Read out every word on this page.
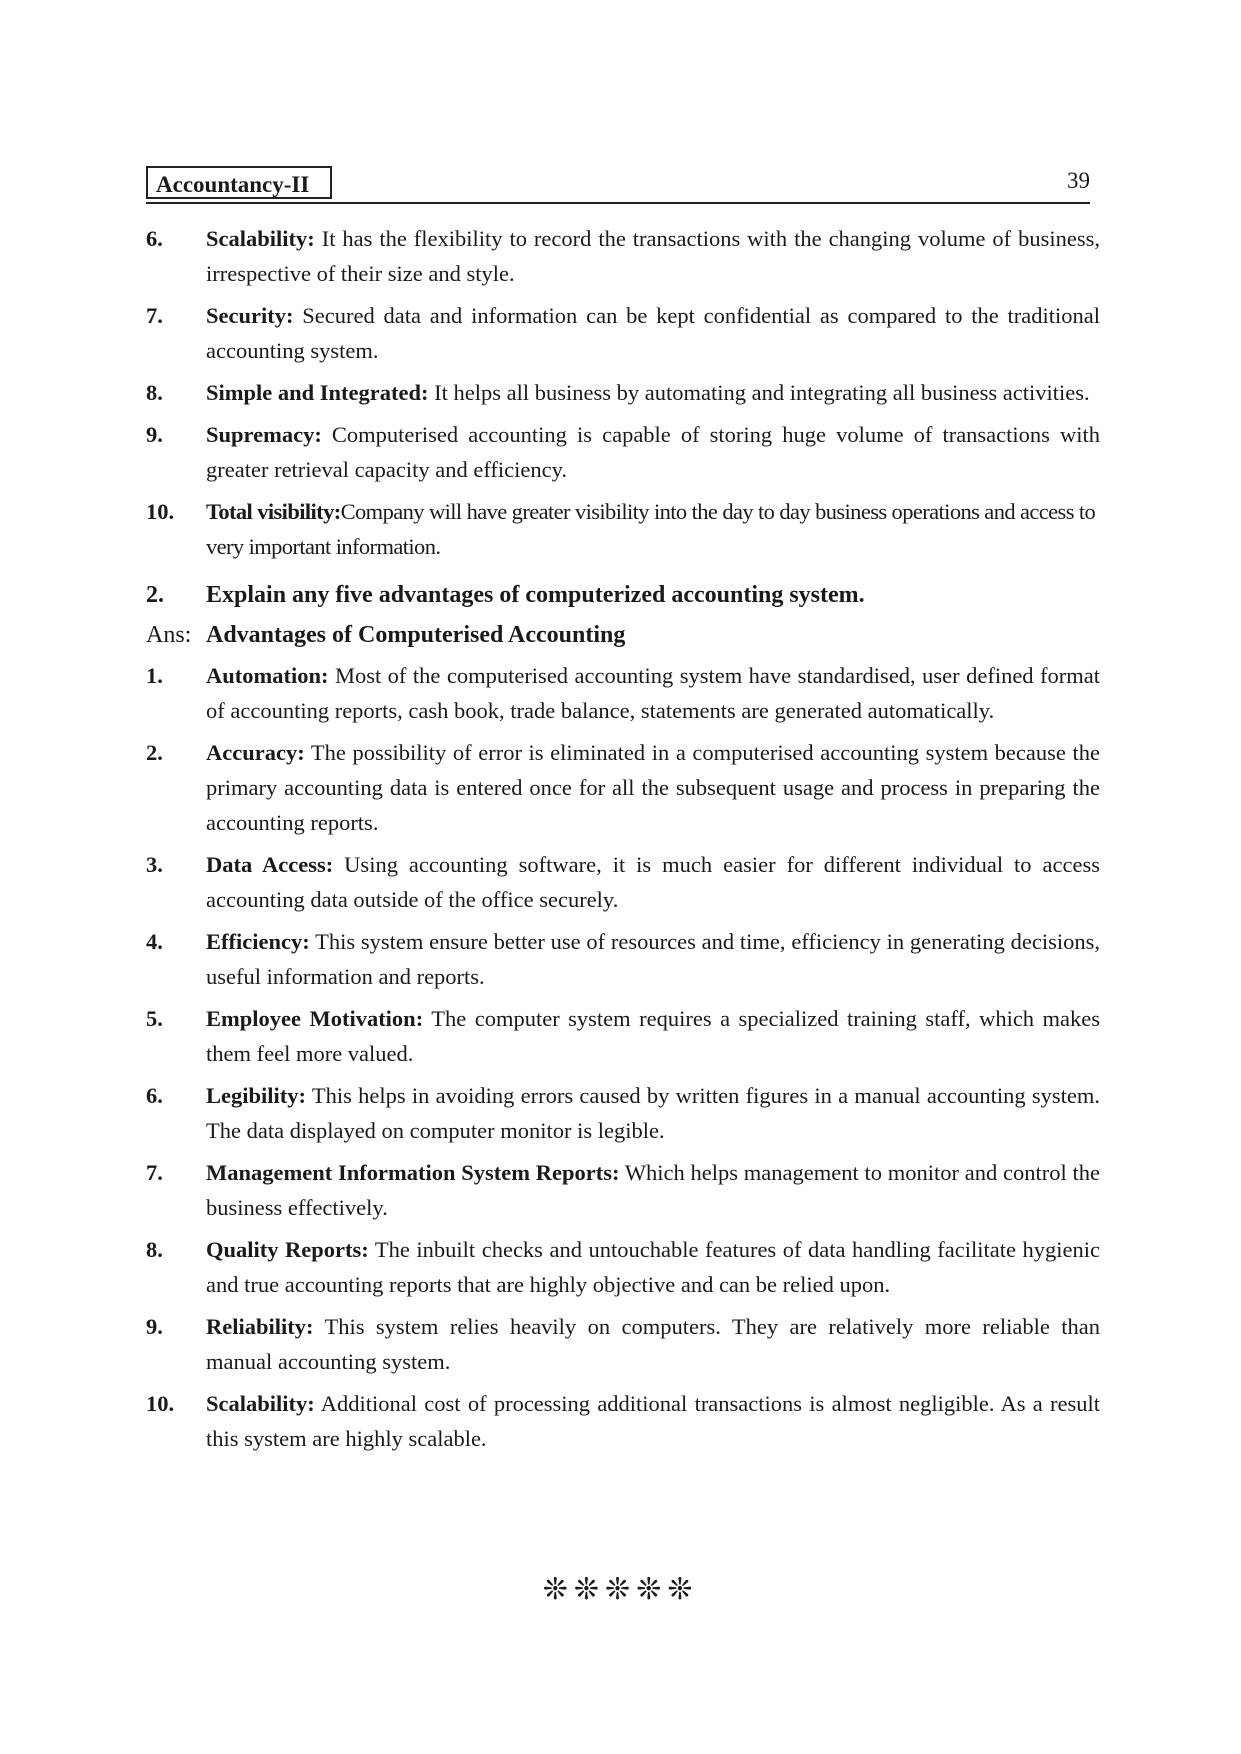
Accountancy-II	39
6.	Scalability: It has the flexibility to record the transactions with the changing volume of business, irrespective of their size and style.
7.	Security: Secured data and information can be kept confidential as compared to the traditional accounting system.
8.	Simple and Integrated: It helps all business by automating and integrating all business activities.
9.	Supremacy: Computerised accounting is capable of storing huge volume of transactions with greater retrieval capacity and efficiency.
10.	Total visibility:Company will have greater visibility into the day to day business operations and access to very important information.
2.	Explain any five advantages of computerized accounting system.
Ans: Advantages of Computerised Accounting
1.	Automation: Most of the computerised accounting system have standardised, user defined format of accounting reports, cash book, trade balance, statements are generated automatically.
2.	Accuracy: The possibility of error is eliminated in a computerised accounting system because the primary accounting data is entered once for all the subsequent usage and process in preparing the accounting reports.
3.	Data Access: Using accounting software, it is much easier for different individual to access accounting data outside of the office securely.
4.	Efficiency: This system ensure better use of resources and time, efficiency in generating decisions, useful information and reports.
5.	Employee Motivation: The computer system requires a specialized training staff, which makes them feel more valued.
6.	Legibility: This helps in avoiding errors caused by written figures in a manual accounting system. The data displayed on computer monitor is legible.
7.	Management Information System Reports: Which helps management to monitor and control the business effectively.
8.	Quality Reports: The inbuilt checks and untouchable features of data handling facilitate hygienic and true accounting reports that are highly objective and can be relied upon.
9.	Reliability: This system relies heavily on computers. They are relatively more reliable than manual accounting system.
10.	Scalability: Additional cost of processing additional transactions is almost negligible. As a result this system are highly scalable.
❊❊❊❊❊
